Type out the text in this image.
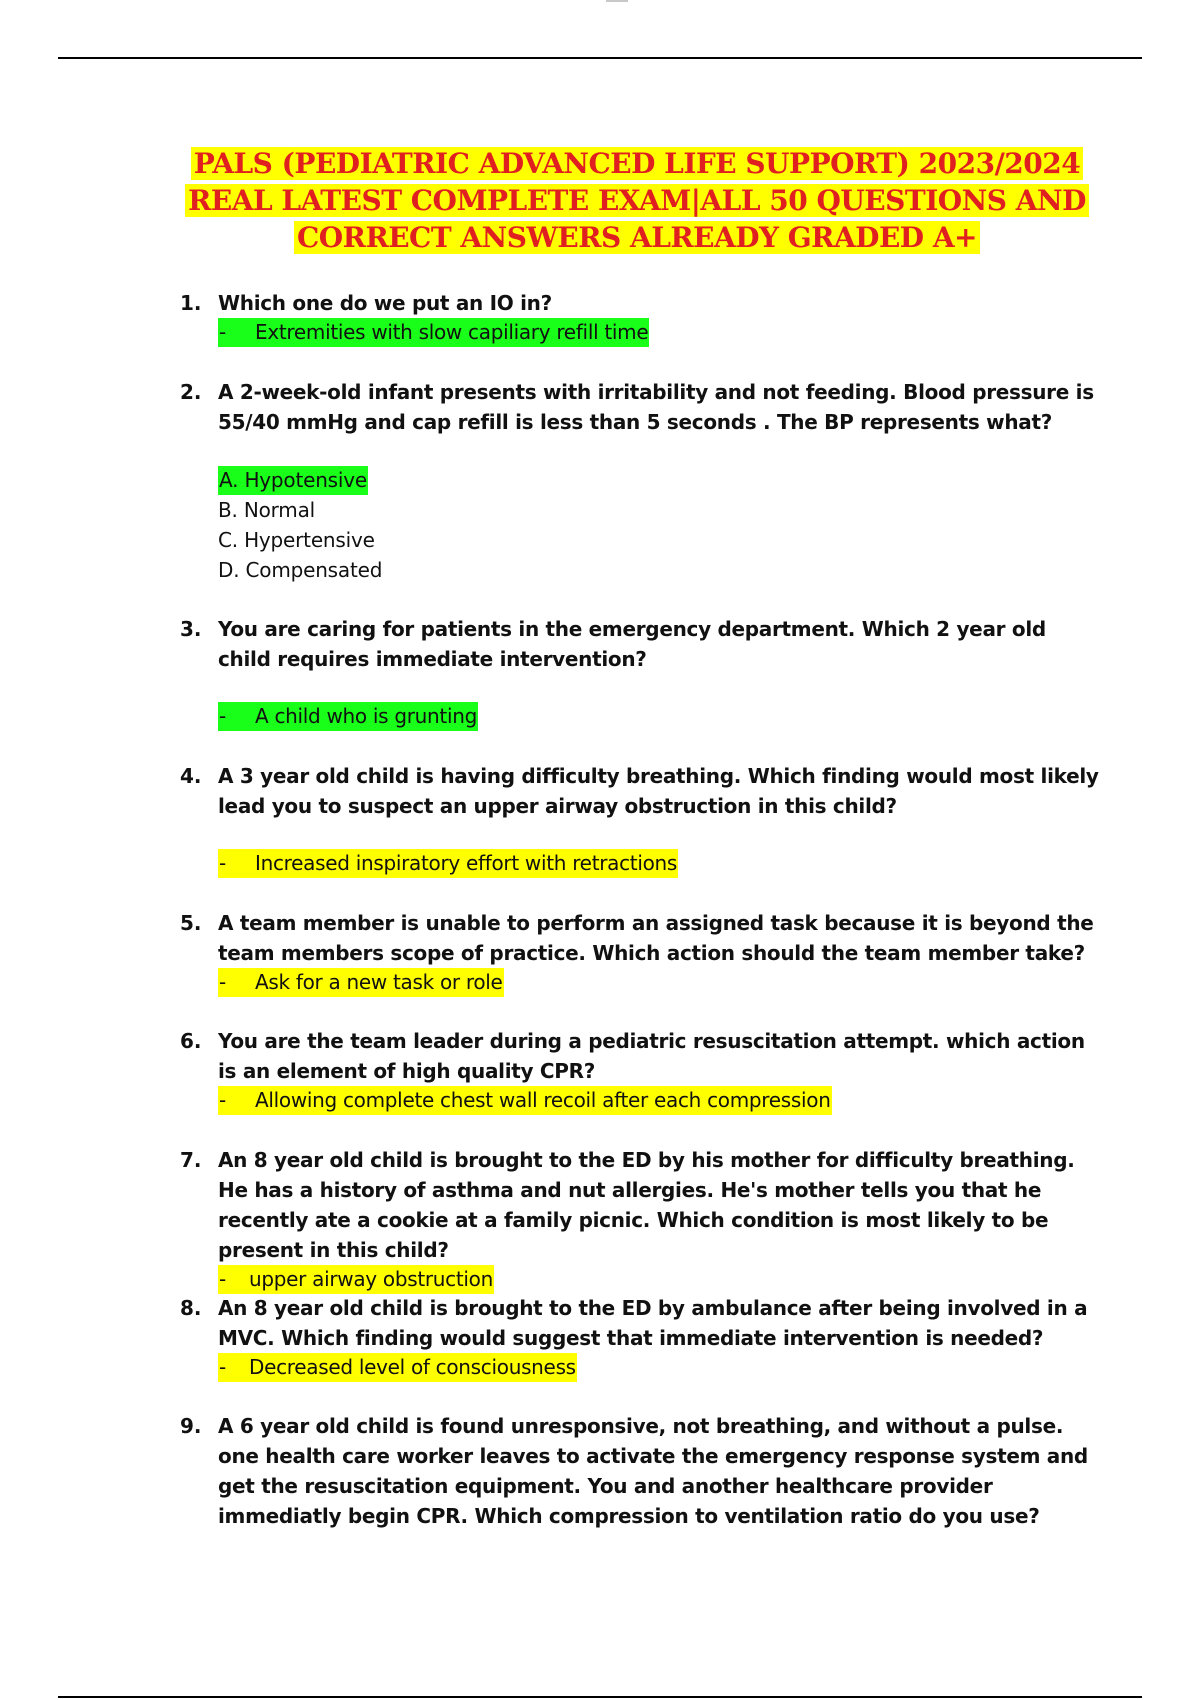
PALS (PEDIATRIC ADVANCED LIFE SUPPORT) 2023/2024
REAL LATEST COMPLETE EXAM|ALL 50 QUESTIONS AND
CORRECT ANSWERS ALREADY GRADED A+
1. Which one do we put an IO in?
- Extremities with slow capiliary refill time
2. A 2-week-old infant presents with irritability and not feeding. Blood pressure is 55/40 mmHg and cap refill is less than 5 seconds . The BP represents what?
A. Hypotensive
B. Normal
C. Hypertensive
D. Compensated
3. You are caring for patients in the emergency department. Which 2 year old child requires immediate intervention?
- A child who is grunting
4. A 3 year old child is having difficulty breathing. Which finding would most likely lead you to suspect an upper airway obstruction in this child?
- Increased inspiratory effort with retractions
5. A team member is unable to perform an assigned task because it is beyond the team members scope of practice. Which action should the team member take?
- Ask for a new task or role
6. You are the team leader during a pediatric resuscitation attempt. which action is an element of high quality CPR?
- Allowing complete chest wall recoil after each compression
7. An 8 year old child is brought to the ED by his mother for difficulty breathing. He has a history of asthma and nut allergies. He's mother tells you that he recently ate a cookie at a family picnic. Which condition is most likely to be present in this child?
- upper airway obstruction
8. An 8 year old child is brought to the ED by ambulance after being involved in a MVC. Which finding would suggest that immediate intervention is needed?
- Decreased level of consciousness
9. A 6 year old child is found unresponsive, not breathing, and without a pulse. one health care worker leaves to activate the emergency response system and get the resuscitation equipment. You and another healthcare provider immediatly begin CPR. Which compression to ventilation ratio do you use?
